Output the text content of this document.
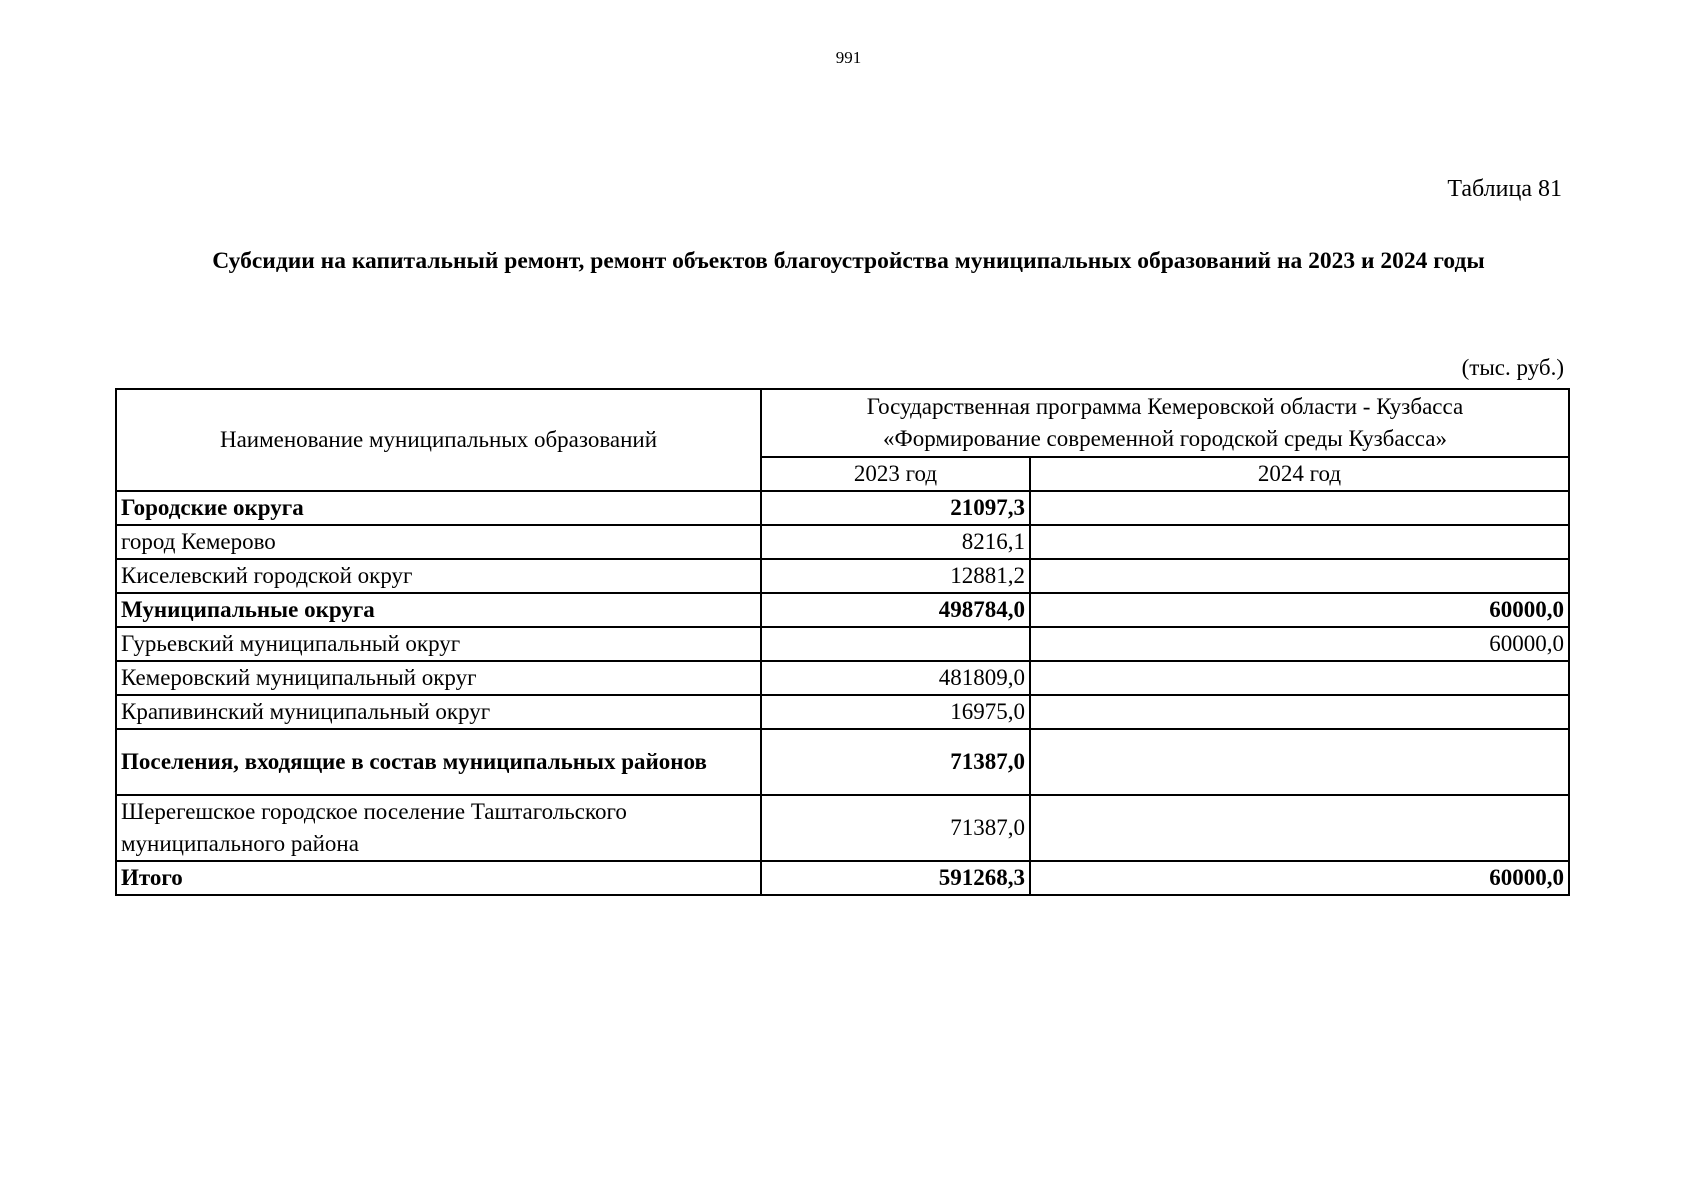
991
Таблица 81
Субсидии на капитальный ремонт, ремонт объектов благоустройства муниципальных образований на 2023 и 2024 годы
(тыс. руб.)
Наименование муниципальных образований	Государственная программа Кемеровской области - Кузбасса
«Формирование современной городской среды Кузбасса»	

	2023 год	2024 год
Городские округа	21097,3	
город Кемерово	8216,1	
Киселевский городской округ	12881,2	
Муниципальные округа	498784,0	60000,0
Гурьевский муниципальный округ		60000,0
Кемеровский муниципальный округ	481809,0	
Крапивинский муниципальный округ	16975,0	
Поселения, входящие в состав муниципальных районов	71387,0	
Шерегешское городское поселение Таштагольского муниципального района	71387,0	
Итого	591268,3	60000,0
